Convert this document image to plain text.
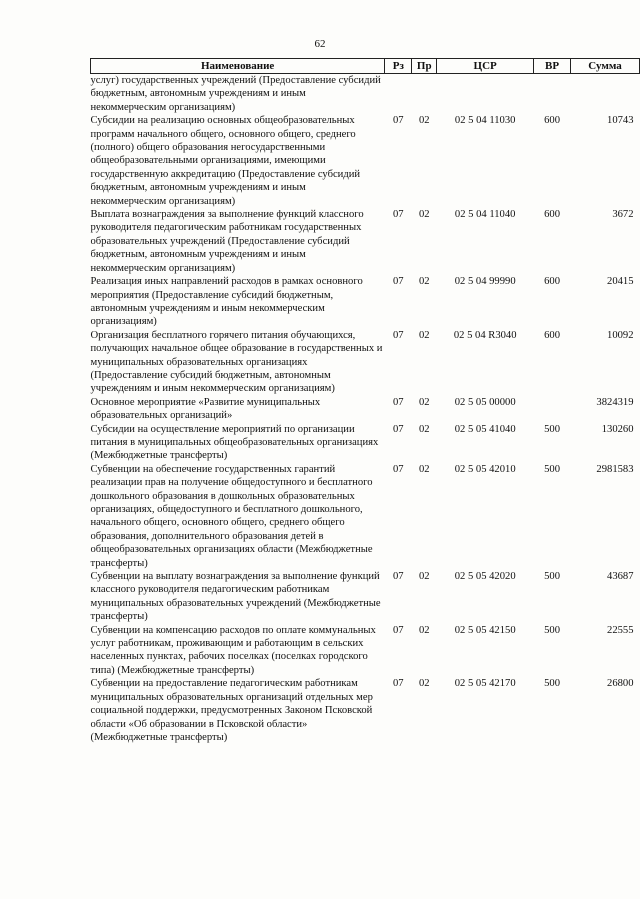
62
Наименование	Рз	Пр	ЦСР	ВР	Сумма
услуг) государственных учреждений (Предоставление субсидий бюджетным, автономным учреждениям и иным некоммерческим организациям)					
Субсидии на реализацию основных общеобразовательных программ начального общего, основного общего, среднего (полного) общего образования негосударственными общеобразовательными организациями, имеющими государственную аккредитацию (Предоставление субсидий бюджетным, автономным учреждениям и иным некоммерческим организациям)	07	02	02 5 04 11030	600	10743
Выплата вознаграждения за выполнение функций классного руководителя педагогическим работникам государственных образовательных учреждений (Предоставление субсидий бюджетным, автономным учреждениям и иным некоммерческим организациям)	07	02	02 5 04 11040	600	3672
Реализация иных направлений расходов в рамках основного мероприятия (Предоставление субсидий бюджетным, автономным учреждениям и иным некоммерческим организациям)	07	02	02 5 04 99990	600	20415
Организация бесплатного горячего питания обучающихся, получающих начальное общее образование в государственных и муниципальных образовательных организациях (Предоставление субсидий бюджетным, автономным учреждениям и иным некоммерческим организациям)	07	02	02 5 04 R3040	600	10092
Основное мероприятие «Развитие муниципальных образовательных организаций»	07	02	02 5 05 00000		3824319
Субсидии на осуществление мероприятий по организации питания в муниципальных общеобразовательных организациях (Межбюджетные трансферты)	07	02	02 5 05 41040	500	130260
Субвенции на обеспечение государственных гарантий реализации прав на получение общедоступного и бесплатного дошкольного образования в дошкольных образовательных организациях, общедоступного и бесплатного дошкольного, начального общего, основного общего, среднего общего образования, дополнительного образования детей в общеобразовательных организациях области (Межбюджетные трансферты)	07	02	02 5 05 42010	500	2981583
Субвенции на выплату вознаграждения за выполнение функций классного руководителя педагогическим работникам муниципальных образовательных учреждений (Межбюджетные трансферты)	07	02	02 5 05 42020	500	43687
Субвенции на компенсацию расходов по оплате коммунальных услуг работникам, проживающим и работающим в сельских населенных пунктах, рабочих поселках (поселках городского типа) (Межбюджетные трансферты)	07	02	02 5 05 42150	500	22555
Субвенции на предоставление педагогическим работникам муниципальных образовательных организаций отдельных мер социальной поддержки, предусмотренных Законом Псковской области «Об образовании в Псковской области» (Межбюджетные трансферты)	07	02	02 5 05 42170	500	26800
